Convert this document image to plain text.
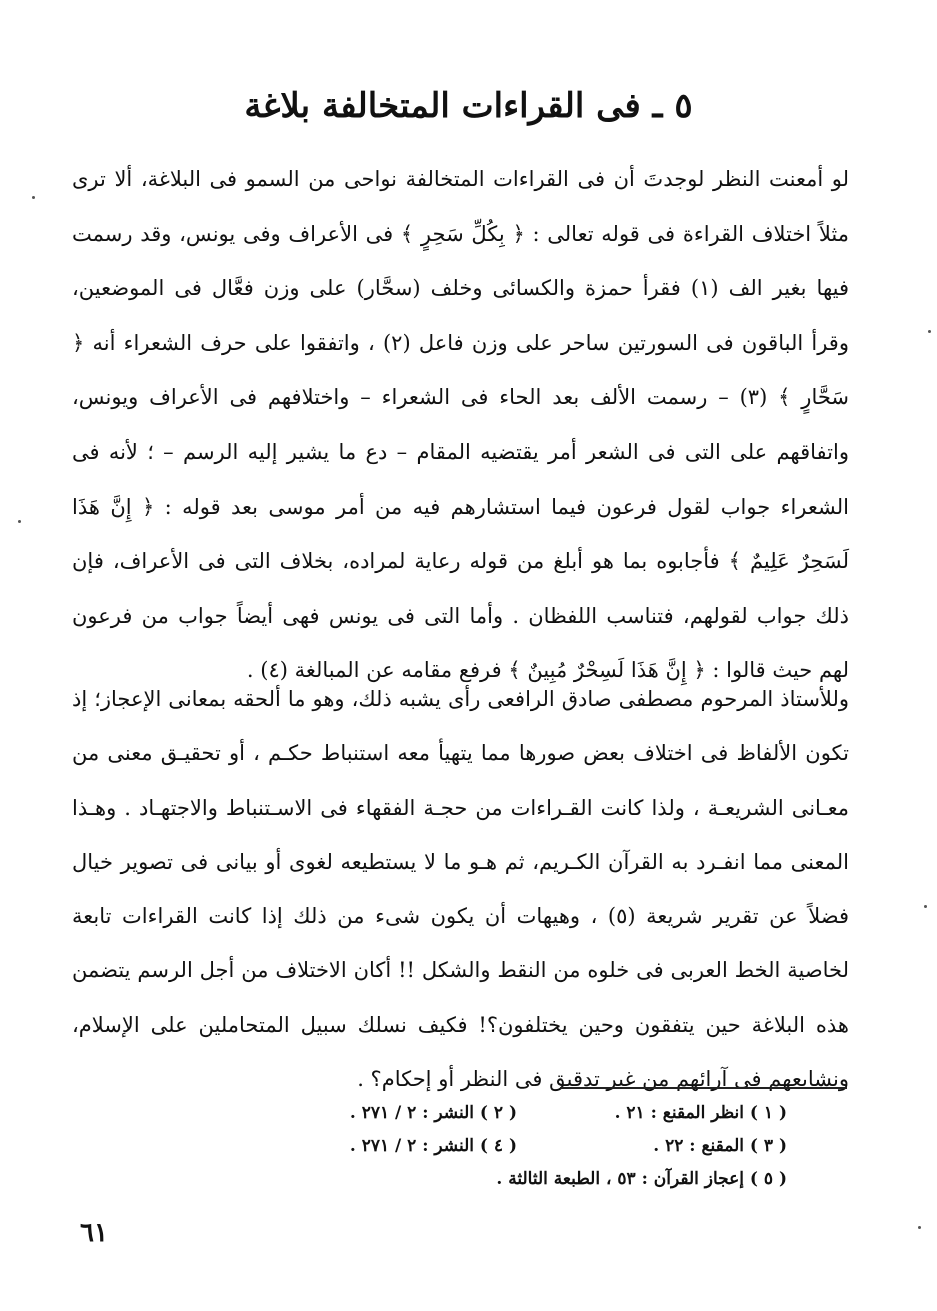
٥ ـ فى القراءات المتخالفة بلاغة

لو أمعنت النظر لوجدتَ أن فى القراءات المتخالفة نواحى من السمو فى البلاغة، ألا ترى مثلاً اختلاف القراءة فى قوله تعالى : ﴿ بِكُلِّ سَحِرٍ ﴾ فى الأعراف وفى يونس، وقد رسمت فيها بغير الف (١) فقرأ حمزة والكسائى وخلف (سحَّار) على وزن فعَّال فى الموضعين، وقرأ الباقون فى السورتين ساحر على وزن فاعل (٢) ، واتفقوا على حرف الشعراء أنه ﴿ سَحَّارٍ ﴾ (٣) – رسمت الألف بعد الحاء فى الشعراء – واختلافهم فى الأعراف ويونس، واتفاقهم على التى فى الشعر أمر يقتضيه المقام – دع ما يشير إليه الرسم – ؛ لأنه فى الشعراء جواب لقول فرعون فيما استشارهم فيه من أمر موسى بعد قوله : ﴿ إِنَّ هَذَا لَسَحِرٌ عَلِيمٌ ﴾ فأجابوه بما هو أبلغ من قوله رعاية لمراده، بخلاف التى فى الأعراف، فإن ذلك جواب لقولهم، فتناسب اللفظان . وأما التى فى يونس فهى أيضاً جواب من فرعون لهم حيث قالوا : ﴿ إِنَّ هَذَا لَسِحْرٌ مُبِينٌ ﴾ فرفع مقامه عن المبالغة (٤) .

وللأستاذ المرحوم مصطفى صادق الرافعى رأى يشبه ذلك، وهو ما ألحقه بمعانى الإعجاز؛ إذ تكون الألفاظ فى اختلاف بعض صورها مما يتهيأ معه استنباط حكـم ، أو تحقيـق معنى من معـانى الشريعـة ، ولذا كانت القـراءات من حجـة الفقهاء فى الاسـتنباط والاجتهـاد . وهـذا المعنى مما انفـرد به القرآن الكـريم، ثم هـو ما لا يستطيعه لغوى أو بيانى فى تصوير خيال فضلاً عن تقرير شريعة (٥) ، وهيهات أن يكون شىء من ذلك إذا كانت القراءات تابعة لخاصية الخط العربى فى خلوه من النقط والشكل !! أكان الاختلاف من أجل الرسم يتضمن هذه البلاغة حين يتفقون وحين يختلفون؟! فكيف نسلك سبيل المتحاملين على الإسلام، ونشايعهم فى آرائهم من غير تدقيق فى النظر أو إحكام؟ .

( ١ ) انظر المقنع : ٢١ .
( ٢ ) النشر : ٢ / ٢٧١ .
( ٣ ) المقنع : ٢٢ .
( ٤ ) النشر : ٢ / ٢٧١ .
( ٥ ) إعجاز القرآن : ٥٣ ، الطبعة الثالثة .
٦١
